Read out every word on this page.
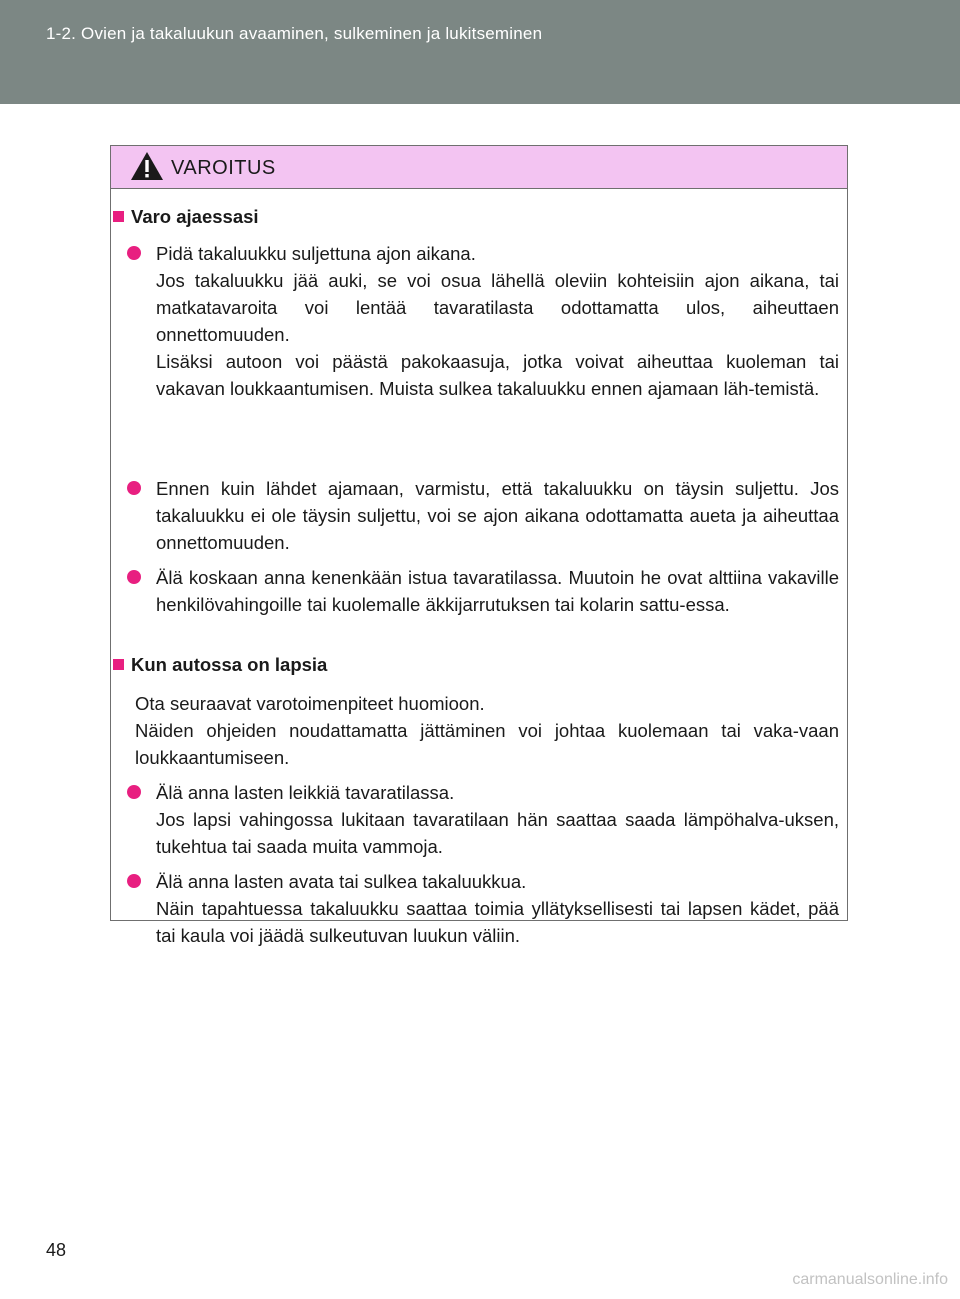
1-2. Ovien ja takaluukun avaaminen, sulkeminen ja lukitseminen
VAROITUS
Varo ajaessasi

Pidä takaluukku suljettuna ajon aikana.

Jos takaluukku jää auki, se voi osua lähellä oleviin kohteisiin ajon aikana, tai matkatavaroita voi lentää tavaratilasta odottamatta ulos, aiheuttaen onnettomuuden.

Lisäksi autoon voi päästä pakokaasuja, jotka voivat aiheuttaa kuoleman tai vakavan loukkaantumisen. Muista sulkea takaluukku ennen ajamaan läh-temistä.

Ennen kuin lähdet ajamaan, varmistu, että takaluukku on täysin suljettu. Jos takaluukku ei ole täysin suljettu, voi se ajon aikana odottamatta aueta ja aiheuttaa onnettomuuden.

Älä koskaan anna kenenkään istua tavaratilassa. Muutoin he ovat alttiina vakaville henkilövahingoille tai kuolemalle äkkijarrutuksen tai kolarin sattu-essa.

Kun autossa on lapsia

Ota seuraavat varotoimenpiteet huomioon.

Näiden ohjeiden noudattamatta jättäminen voi johtaa kuolemaan tai vaka-vaan loukkaantumiseen.

Älä anna lasten leikkiä tavaratilassa.

Jos lapsi vahingossa lukitaan tavaratilaan hän saattaa saada lämpöhalva-uksen, tukehtua tai saada muita vammoja.

Älä anna lasten avata tai sulkea takaluukkua.

Näin tapahtuessa takaluukku saattaa toimia yllätyksellisesti tai lapsen kädet, pää tai kaula voi jäädä sulkeutuvan luukun väliin.

48
carmanualsonline.info
